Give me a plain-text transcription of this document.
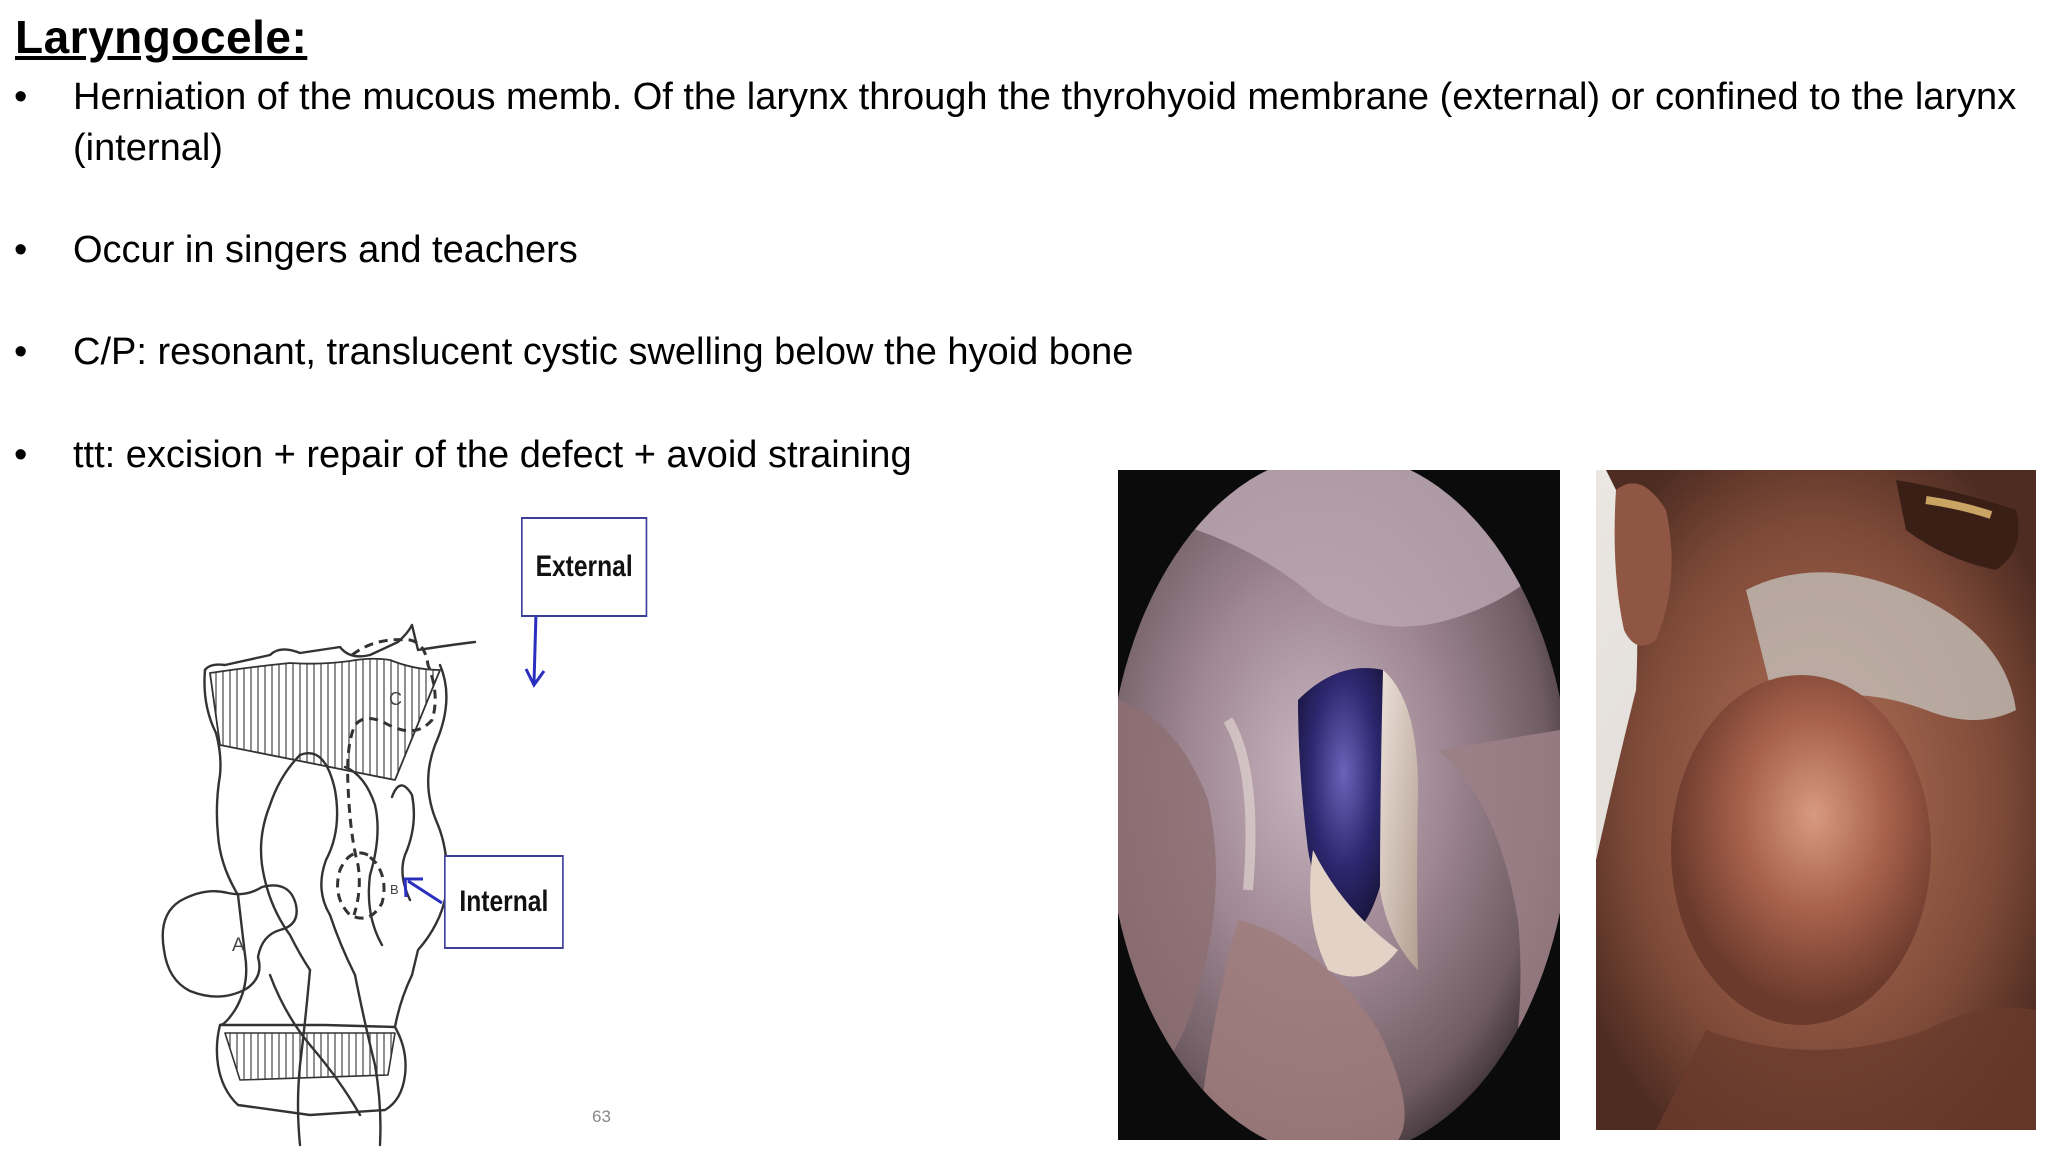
Laryngocele:
• Herniation of the mucous memb. Of the larynx through the thyrohyoid membrane (external) or confined to the larynx (internal)
• Occur in singers and teachers
• C/P: resonant, translucent cystic swelling below the hyoid bone
• ttt: excision + repair of the defect + avoid straining
A
C
B
External
Internal
63
